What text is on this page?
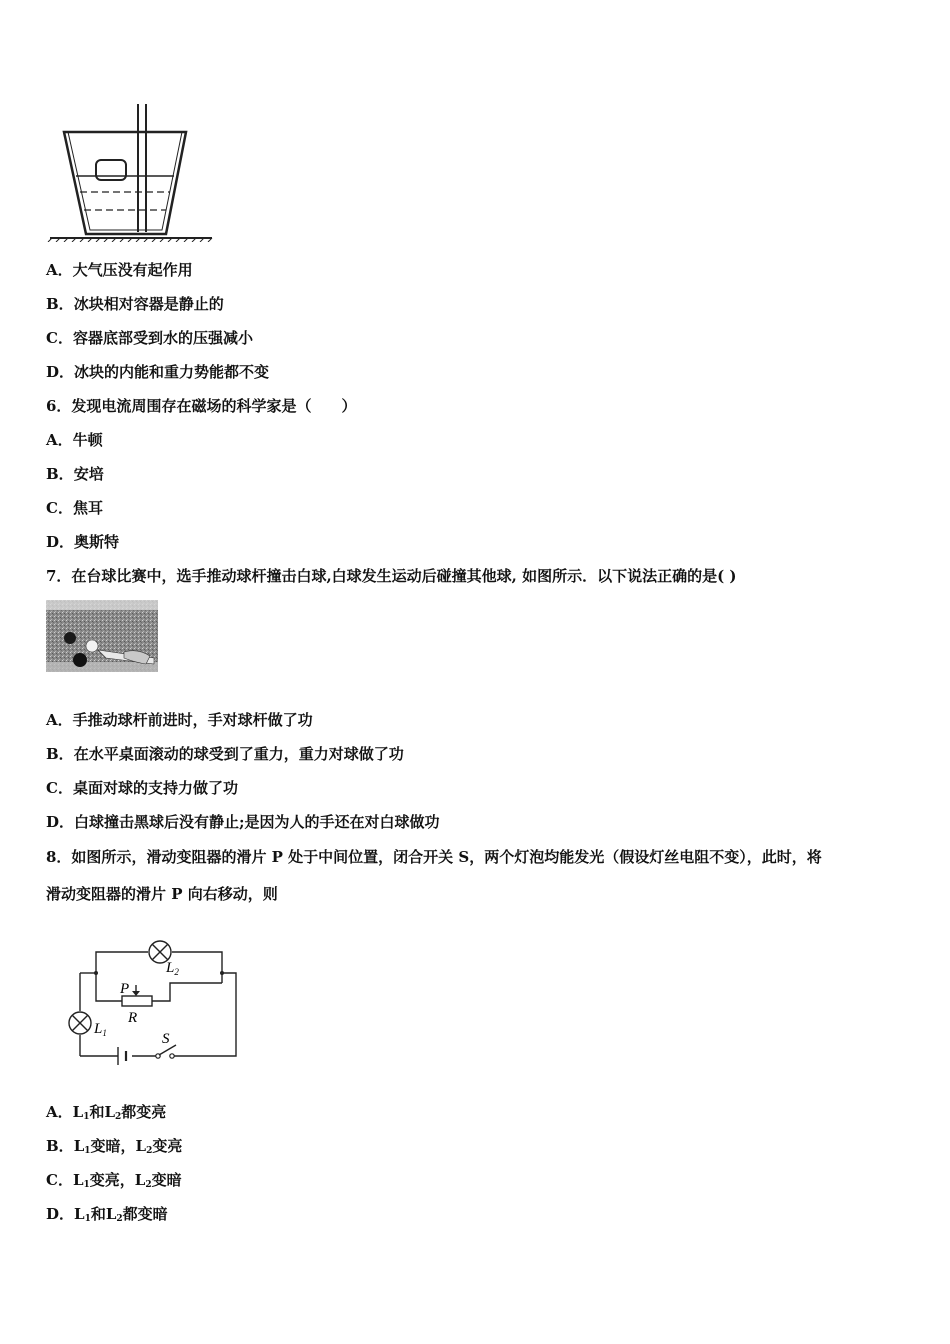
A．大气压没有起作用
B．冰块相对容器是静止的
C．容器底部受到水的压强减小
D．冰块的内能和重力势能都不变
6．发现电流周围存在磁场的科学家是（　　）
A．牛顿
B．安培
C．焦耳
D．奥斯特
7．在台球比赛中，选手推动球杆撞击白球,白球发生运动后碰撞其他球, 如图所示．以下说法正确的是( )
A．手推动球杆前进时，手对球杆做了功
B．在水平桌面滚动的球受到了重力，重力对球做了功
C．桌面对球的支持力做了功
D．白球撞击黑球后没有静止;是因为人的手还在对白球做功
8．如图所示，滑动变阻器的滑片 P 处于中间位置，闭合开关 S，两个灯泡均能发光（假设灯丝电阻不变），此时，将
滑动变阻器的滑片 P 向右移动，则
$L_2$
$L_1$
P
R
S
A．$L_1$和$L_2$都变亮
B．$L_1$变暗，$L_2$变亮
C．$L_1$变亮，$L_2$变暗
D．$L_1$和$L_2$都变暗
